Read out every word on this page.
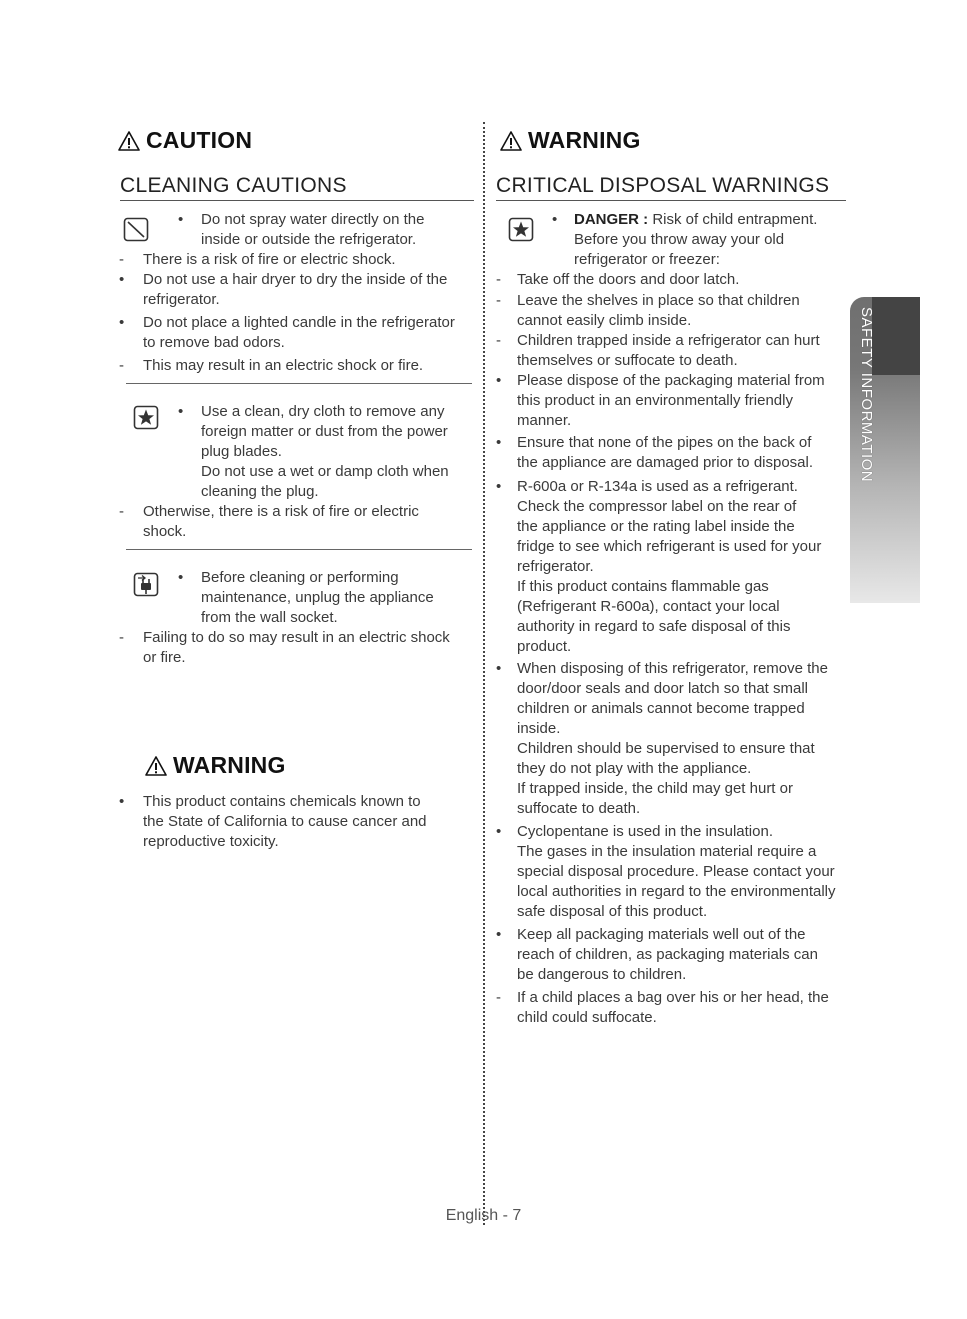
CAUTION
CLEANING CAUTIONS
• Do not spray water directly on the
inside or outside the refrigerator.
- There is a risk of fire or electric shock.
• Do not use a hair dryer to dry the inside of the
refrigerator.
• Do not place a lighted candle in the refrigerator
to remove bad odors.
- This may result in an electric shock or fire.
• Use a clean, dry cloth to remove any
foreign matter or dust from the power
plug blades.
Do not use a wet or damp cloth when
cleaning the plug.
- Otherwise, there is a risk of fire or electric
shock.
• Before cleaning or performing
maintenance, unplug the appliance
from the wall socket.
- Failing to do so may result in an electric shock
or fire.
WARNING
• This product contains chemicals known to
the State of California to cause cancer and
reproductive toxicity.
WARNING
CRITICAL DISPOSAL WARNINGS
• DANGER : Risk of child entrapment.
Before you throw away your old
refrigerator or freezer:
- Take off the doors and door latch.
- Leave the shelves in place so that children
cannot easily climb inside.
- Children trapped inside a refrigerator can hurt
themselves or suffocate to death.
• Please dispose of the packaging material from
this product in an environmentally friendly
manner.
• Ensure that none of the pipes on the back of
the appliance are damaged prior to disposal.
• R-600a or R-134a is used as a refrigerant.
Check the compressor label on the rear of
the appliance or the rating label inside the
fridge to see which refrigerant is used for your
refrigerator.
If this product contains flammable gas
(Refrigerant R-600a), contact your local
authority in regard to safe disposal of this
product.
• When disposing of this refrigerator, remove the
door/door seals and door latch so that small
children or animals cannot become trapped
inside.
Children should be supervised to ensure that
they do not play with the appliance.
If trapped inside, the child may get hurt or
suffocate to death.
• Cyclopentane is used in the insulation.
The gases in the insulation material require a
special disposal procedure. Please contact your
local authorities in regard to the environmentally
safe disposal of this product.
• Keep all packaging materials well out of the
reach of children, as packaging materials can
be dangerous to children.
- If a child places a bag over his or her head, the
child could suffocate.
SAFETY INFORMATION
English - 7
